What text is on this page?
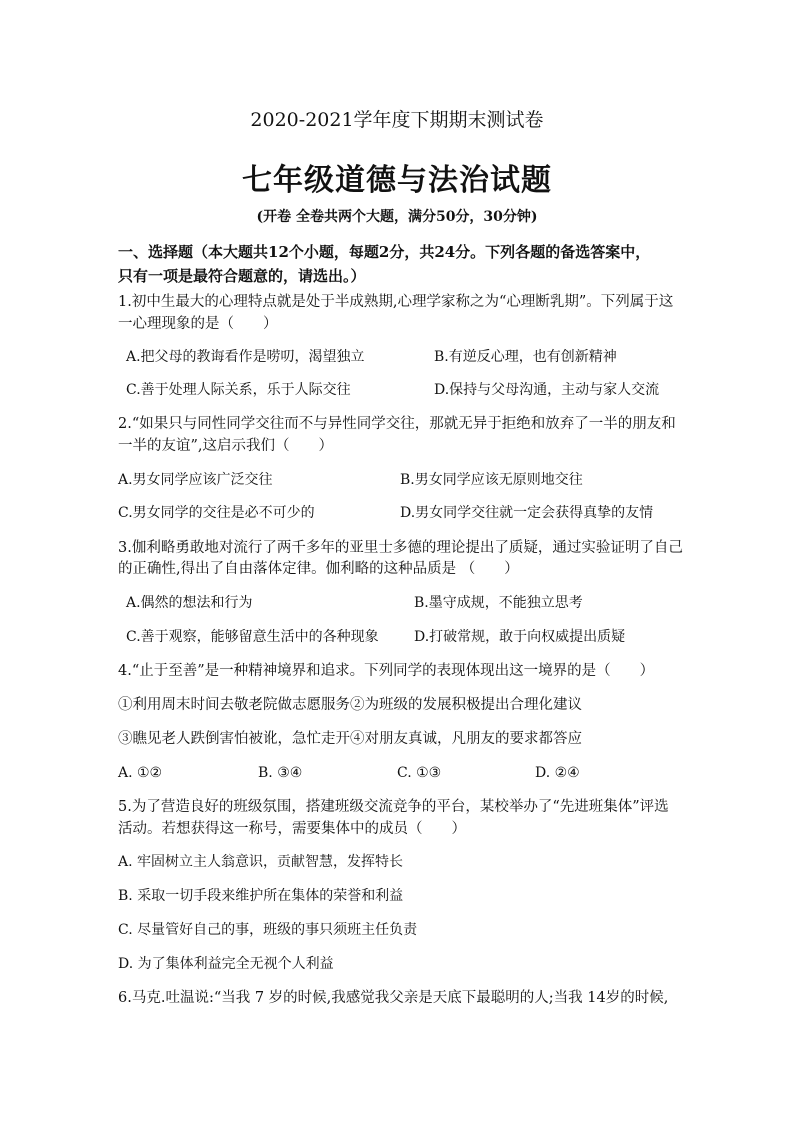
2020-2021学年度下期期末测试卷
七年级道德与法治试题
(开卷 全卷共两个大题，满分50分，30分钟)
一、选择题（本大题共12个小题，每题2分，共24分。下列各题的备选答案中，
只有一项是最符合题意的，请选出。）
1.初中生最大的心理特点就是处于半成熟期,心理学家称之为“心理断乳期”。下列属于这
一心理现象的是（　　）
A.把父母的教诲看作是唠叨，渴望独立	B.有逆反心理，也有创新精神
C.善于处理人际关系，乐于人际交往	D.保持与父母沟通，主动与家人交流
2.“如果只与同性同学交往而不与异性同学交往，那就无异于拒绝和放弃了一半的朋友和
一半的友谊”,这启示我们（　　）
A.男女同学应该广泛交往	B.男女同学应该无原则地交往
C.男女同学的交往是必不可少的	D.男女同学交往就一定会获得真挚的友情
3.伽利略勇敢地对流行了两千多年的亚里士多德的理论提出了质疑，通过实验证明了自己
的正确性,得出了自由落体定律。伽利略的这种品质是 （　　）
A.偶然的想法和行为	B.墨守成规，不能独立思考
C.善于观察，能够留意生活中的各种现象	D.打破常规，敢于向权威提出质疑
4.“止于至善”是一种精神境界和追求。下列同学的表现体现出这一境界的是（　　）
①利用周末时间去敬老院做志愿服务②为班级的发展积极提出合理化建议
③瞧见老人跌倒害怕被讹，急忙走开④对朋友真诚，凡朋友的要求都答应
A. ①②	B. ③④	C. ①③	D. ②④
5.为了营造良好的班级氛围，搭建班级交流竞争的平台，某校举办了“先进班集体”评选
活动。若想获得这一称号，需要集体中的成员（　　）
A. 牢固树立主人翁意识，贡献智慧，发挥特长
B. 采取一切手段来维护所在集体的荣誉和利益
C. 尽量管好自己的事，班级的事只须班主任负责
D. 为了集体利益完全无视个人利益
6.马克.吐温说:“当我 7 岁的时候,我感觉我父亲是天底下最聪明的人;当我 14岁的时候,
